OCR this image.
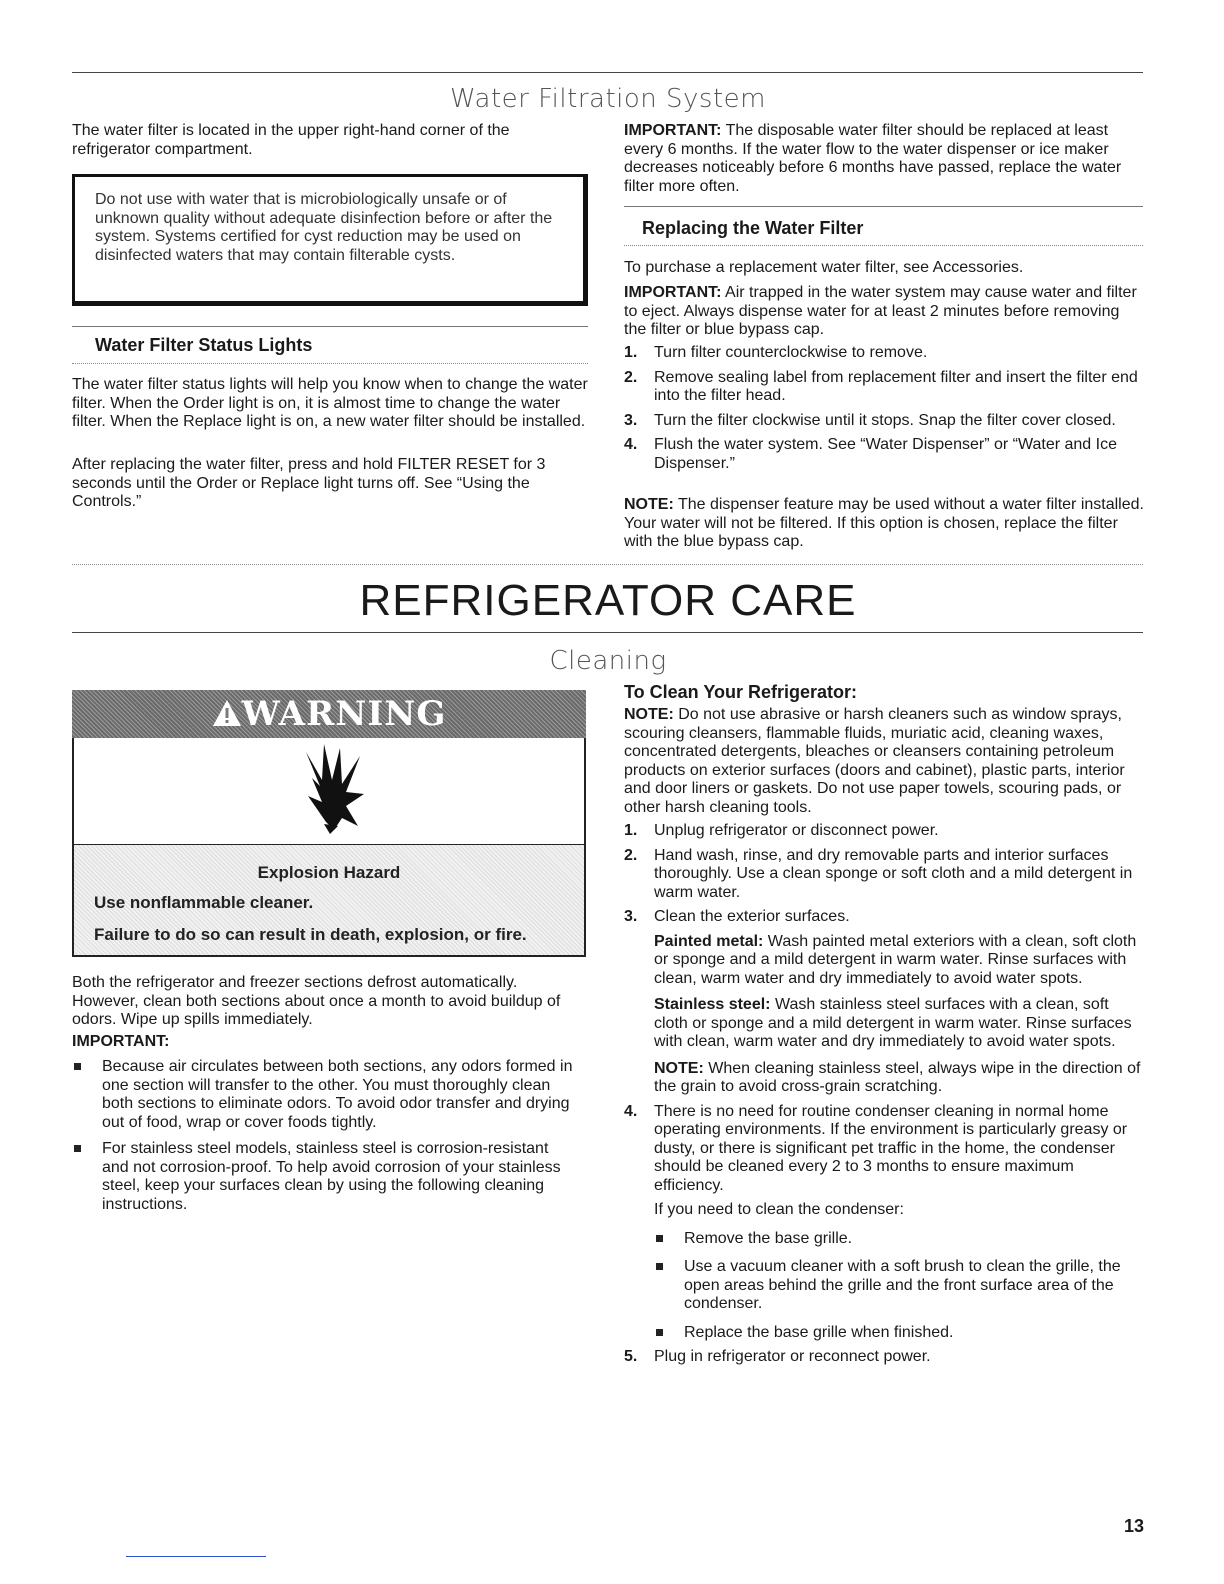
Water Filtration System

The water filter is located in the upper right-hand corner of the refrigerator compartment.

Do not use with water that is microbiologically unsafe or of unknown quality without adequate disinfection before or after the system. Systems certified for cyst reduction may be used on disinfected waters that may contain filterable cysts.

Water Filter Status Lights

The water filter status lights will help you know when to change the water filter. When the Order light is on, it is almost time to change the water filter. When the Replace light is on, a new water filter should be installed.

After replacing the water filter, press and hold FILTER RESET for 3 seconds until the Order or Replace light turns off. See “Using the Controls.”

IMPORTANT: The disposable water filter should be replaced at least every 6 months. If the water flow to the water dispenser or ice maker decreases noticeably before 6 months have passed, replace the water filter more often.

Replacing the Water Filter

To purchase a replacement water filter, see Accessories.

IMPORTANT: Air trapped in the water system may cause water and filter to eject. Always dispense water for at least 2 minutes before removing the filter or blue bypass cap.

1. Turn filter counterclockwise to remove.
2. Remove sealing label from replacement filter and insert the filter end into the filter head.
3. Turn the filter clockwise until it stops. Snap the filter cover closed.
4. Flush the water system. See “Water Dispenser” or “Water and Ice Dispenser.”

NOTE: The dispenser feature may be used without a water filter installed. Your water will not be filtered. If this option is chosen, replace the filter with the blue bypass cap.

REFRIGERATOR CARE
Cleaning
WARNING
Explosion Hazard
Use nonflammable cleaner.
Failure to do so can result in death, explosion, or fire.

Both the refrigerator and freezer sections defrost automatically. However, clean both sections about once a month to avoid buildup of odors. Wipe up spills immediately.

IMPORTANT:
Because air circulates between both sections, any odors formed in one section will transfer to the other. You must thoroughly clean both sections to eliminate odors. To avoid odor transfer and drying out of food, wrap or cover foods tightly.
For stainless steel models, stainless steel is corrosion-resistant and not corrosion-proof. To help avoid corrosion of your stainless steel, keep your surfaces clean by using the following cleaning instructions.
To Clean Your Refrigerator:

NOTE: Do not use abrasive or harsh cleaners such as window sprays, scouring cleansers, flammable fluids, muriatic acid, cleaning waxes, concentrated detergents, bleaches or cleansers containing petroleum products on exterior surfaces (doors and cabinet), plastic parts, interior and door liners or gaskets. Do not use paper towels, scouring pads, or other harsh cleaning tools.

1. Unplug refrigerator or disconnect power.
2. Hand wash, rinse, and dry removable parts and interior surfaces thoroughly. Use a clean sponge or soft cloth and a mild detergent in warm water.
3. Clean the exterior surfaces.

Painted metal: Wash painted metal exteriors with a clean, soft cloth or sponge and a mild detergent in warm water. Rinse surfaces with clean, warm water and dry immediately to avoid water spots.

Stainless steel: Wash stainless steel surfaces with a clean, soft cloth or sponge and a mild detergent in warm water. Rinse surfaces with clean, warm water and dry immediately to avoid water spots.

NOTE: When cleaning stainless steel, always wipe in the direction of the grain to avoid cross-grain scratching.

4. There is no need for routine condenser cleaning in normal home operating environments. If the environment is particularly greasy or dusty, or there is significant pet traffic in the home, the condenser should be cleaned every 2 to 3 months to ensure maximum efficiency.

If you need to clean the condenser:

Remove the base grille.
Use a vacuum cleaner with a soft brush to clean the grille, the open areas behind the grille and the front surface area of the condenser.
Replace the base grille when finished.
5. Plug in refrigerator or reconnect power.
13
